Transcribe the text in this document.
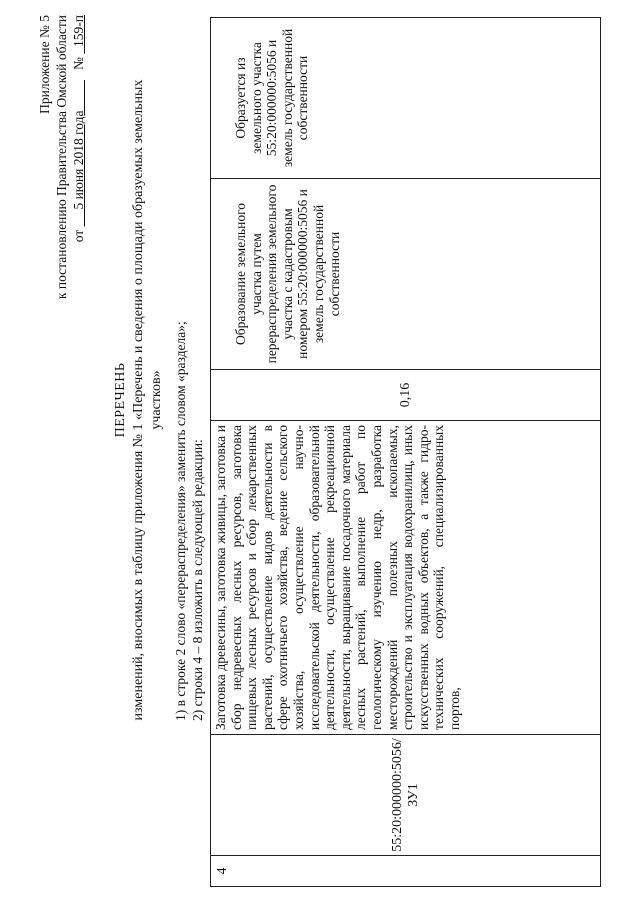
Приложение № 5 к постановлению Правительства Омской области от      5 июня 2018 года            №   159-п
ПЕРЕЧЕНЬ изменений, вносимых в таблицу приложения № 1 «Перечень и сведения о площади образуемых земельных участков» 1) в строке 2 слово «перераспределения» заменить словом «раздела»; 2) строки 4 – 8 изложить в следующей редакции:
4	55:20:000000:5056/ЗУ1	Заготовка древесины, заготовка живицы, заготовка и сбор недревесных лесных ресурсов, заготовка пищевых лесных ресурсов и сбор лекарственных растений, осуществление видов деятельности в сфере охотничьего хозяйства, ведение сельского хозяйства, осуществление научно-исследовательской деятельности, образовательной деятельности, осуществление рекреационной деятельности, выращивание посадочного материала лесных растений, выполнение работ по геологическому изучению недр, разработка месторождений полезных ископаемых, строительство и эксплуатация водохранилищ, иных искусственных водных объектов, а также гидро-технических сооружений, специализированных портов,	0,16	Образование земельного участка путем перераспределения земельного участка с кадастровым номером 55:20:000000:5056 и земель государственной собственности	Образуется из земельного участка 55:20:000000:5056 и земель государственной собственности
